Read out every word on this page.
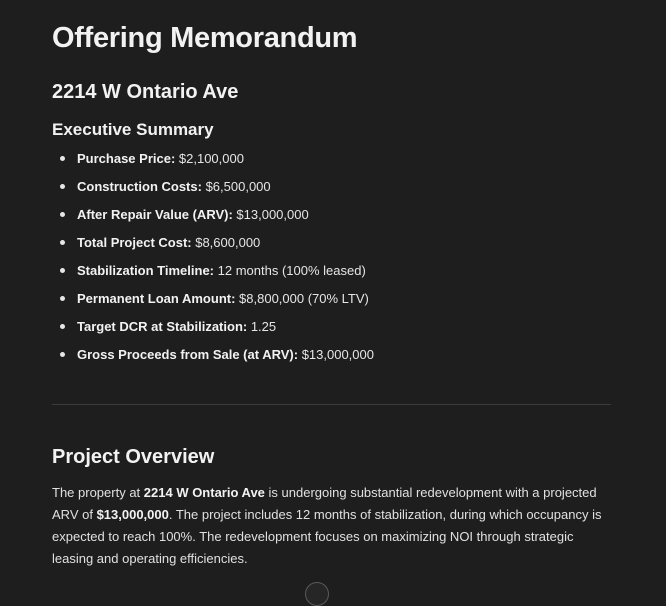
Offering Memorandum
2214 W Ontario Ave
Executive Summary
Purchase Price: $2,100,000
Construction Costs: $6,500,000
After Repair Value (ARV): $13,000,000
Total Project Cost: $8,600,000
Stabilization Timeline: 12 months (100% leased)
Permanent Loan Amount: $8,800,000 (70% LTV)
Target DCR at Stabilization: 1.25
Gross Proceeds from Sale (at ARV): $13,000,000
Project Overview

The property at 2214 W Ontario Ave is undergoing substantial redevelopment with a projected ARV of $13,000,000. The project includes 12 months of stabilization, during which occupancy is expected to reach 100%. The redevelopment focuses on maximizing NOI through strategic leasing and operating efficiencies.
